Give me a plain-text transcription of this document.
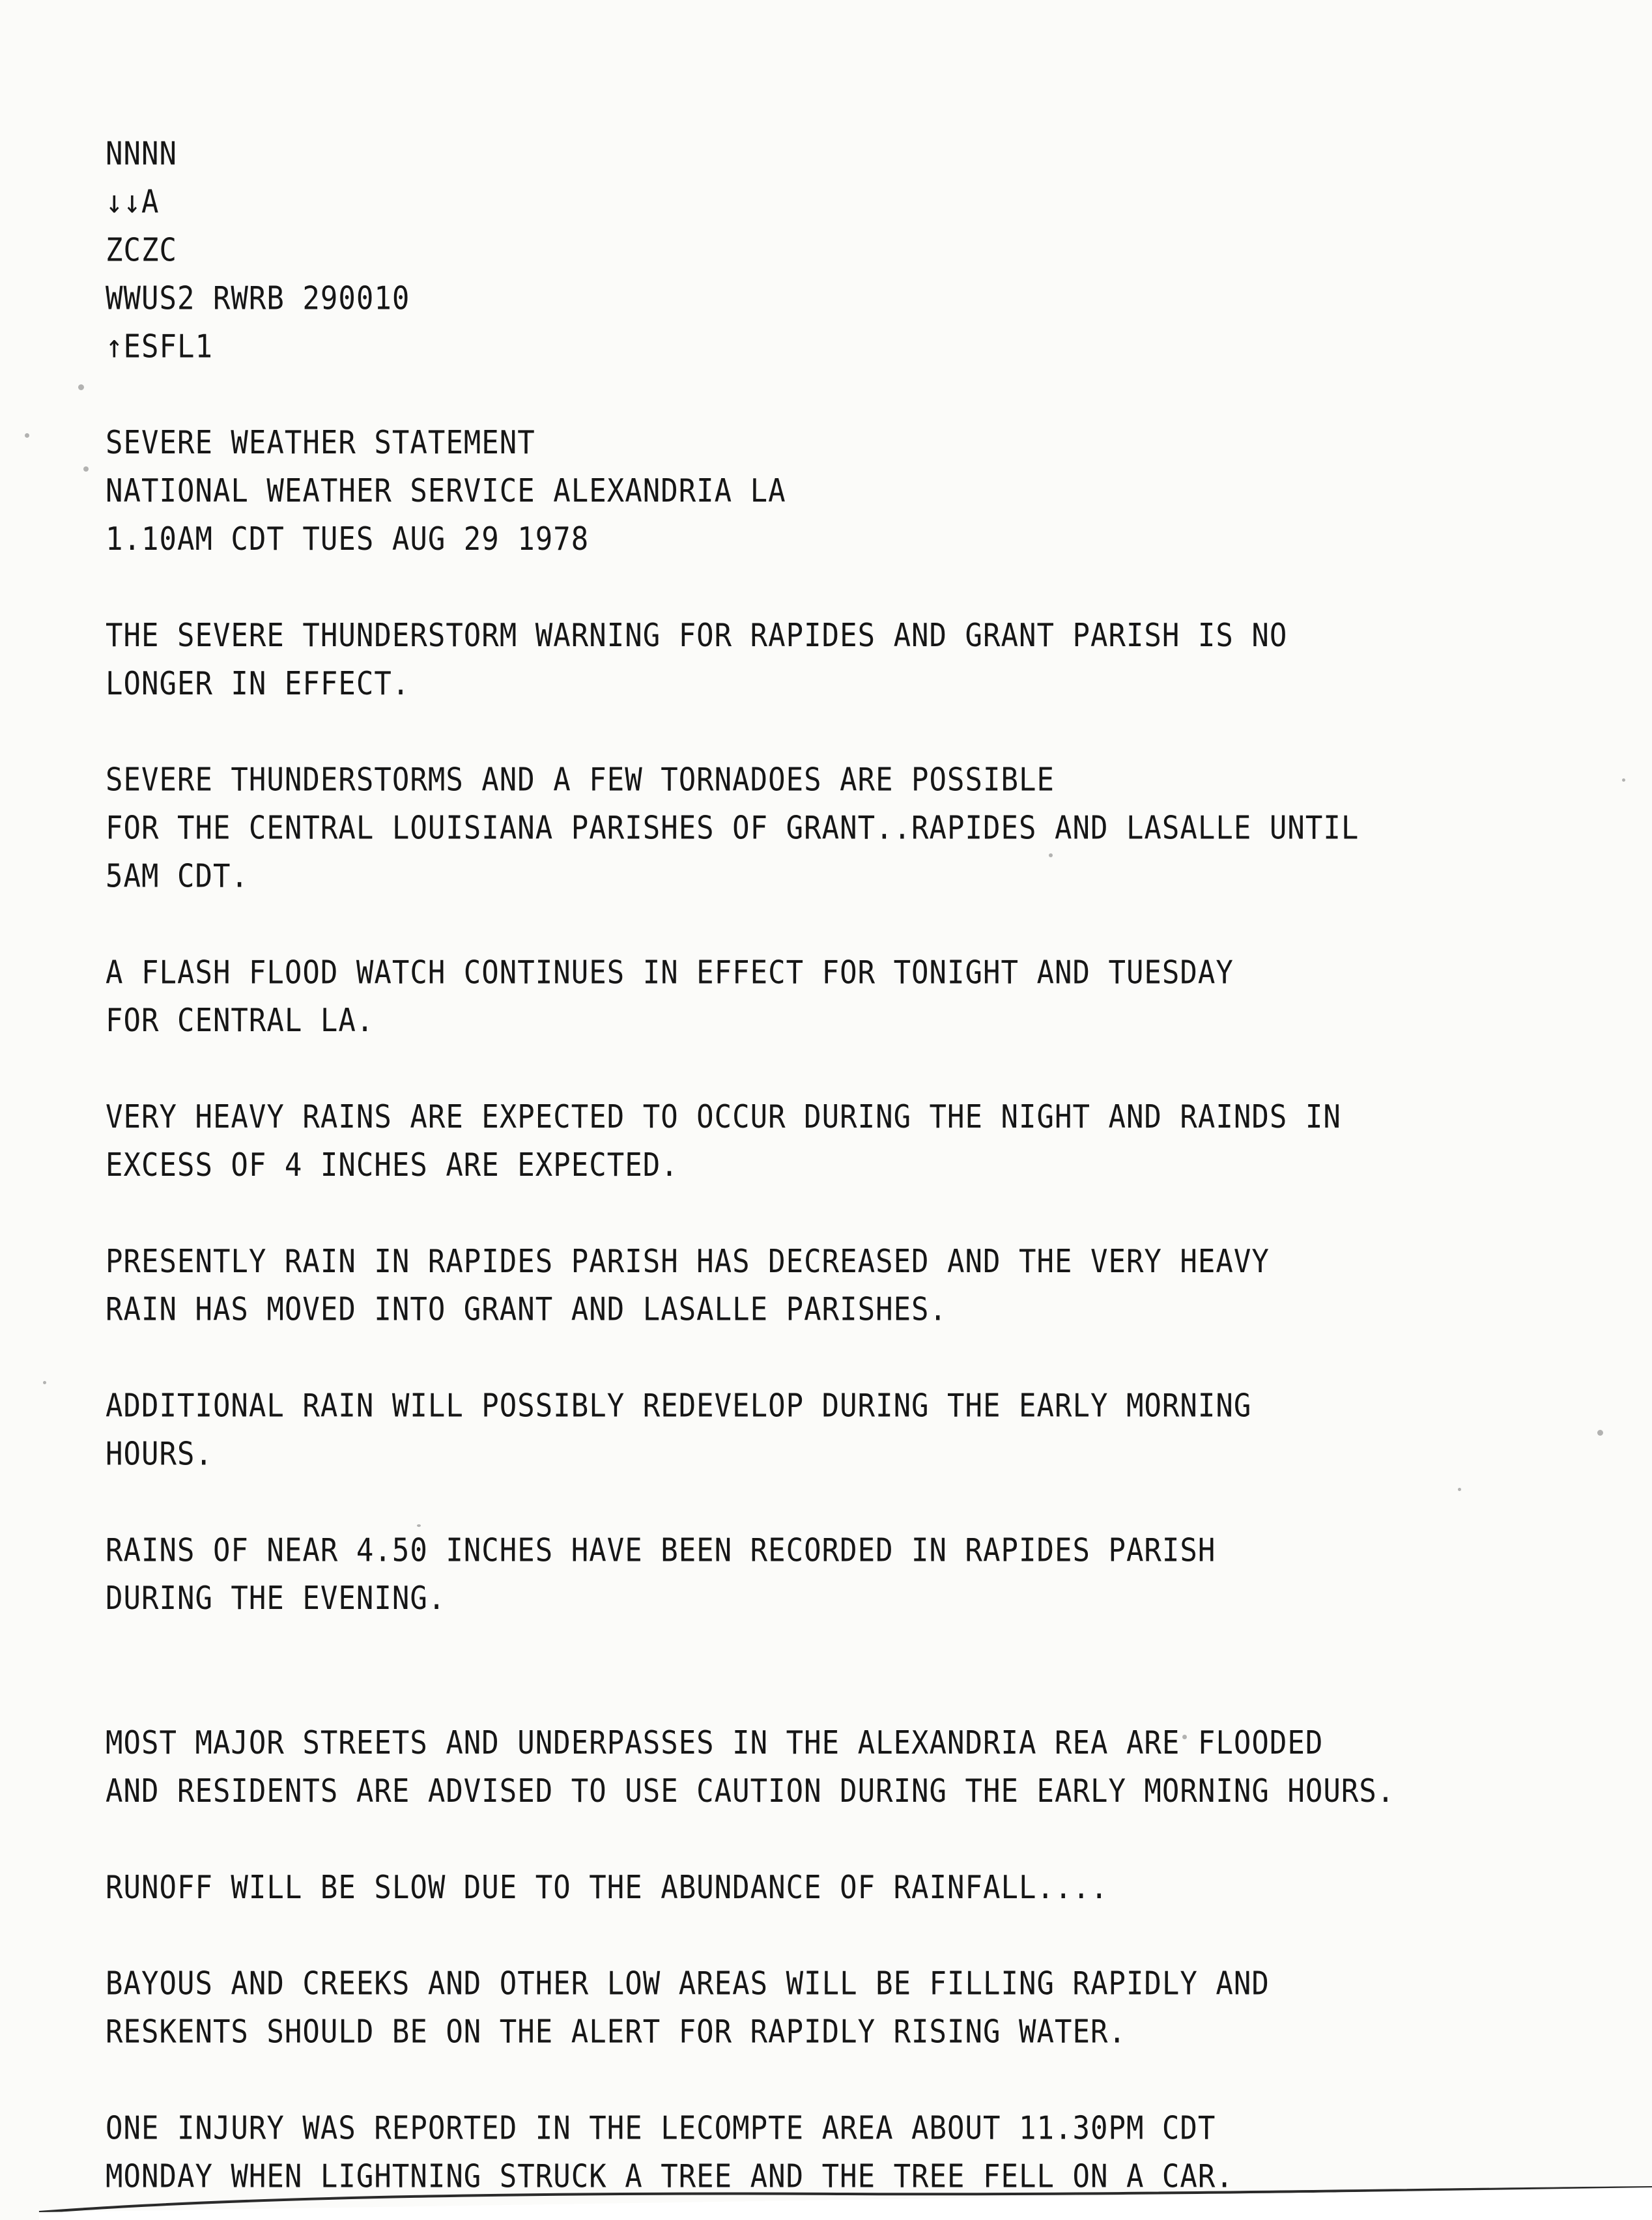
NNNN
↓↓A
ZCZC
WWUS2 RWRB 290010
↑ESFL1
SEVERE WEATHER STATEMENT
NATIONAL WEATHER SERVICE ALEXANDRIA LA
1.10AM CDT TUES AUG 29 1978
THE SEVERE THUNDERSTORM WARNING FOR RAPIDES AND GRANT PARISH IS NO
LONGER IN EFFECT.
SEVERE THUNDERSTORMS AND A FEW TORNADOES ARE POSSIBLE
FOR THE CENTRAL LOUISIANA PARISHES OF GRANT..RAPIDES AND LASALLE UNTIL
5AM CDT.
A FLASH FLOOD WATCH CONTINUES IN EFFECT FOR TONIGHT AND TUESDAY
FOR CENTRAL LA.
VERY HEAVY RAINS ARE EXPECTED TO OCCUR DURING THE NIGHT AND RAINDS IN
EXCESS OF 4 INCHES ARE EXPECTED.
PRESENTLY RAIN IN RAPIDES PARISH HAS DECREASED AND THE VERY HEAVY
RAIN HAS MOVED INTO GRANT AND LASALLE PARISHES.
ADDITIONAL RAIN WILL POSSIBLY REDEVELOP DURING THE EARLY MORNING
HOURS.
RAINS OF NEAR 4.50 INCHES HAVE BEEN RECORDED IN RAPIDES PARISH
DURING THE EVENING.
MOST MAJOR STREETS AND UNDERPASSES IN THE ALEXANDRIA REA ARE FLOODED
AND RESIDENTS ARE ADVISED TO USE CAUTION DURING THE EARLY MORNING HOURS.
RUNOFF WILL BE SLOW DUE TO THE ABUNDANCE OF RAINFALL....
BAYOUS AND CREEKS AND OTHER LOW AREAS WILL BE FILLING RAPIDLY AND
RESKENTS SHOULD BE ON THE ALERT FOR RAPIDLY RISING WATER.
ONE INJURY WAS REPORTED IN THE LECOMPTE AREA ABOUT 11.30PM CDT
MONDAY WHEN LIGHTNING STRUCK A TREE AND THE TREE FELL ON A CAR.
